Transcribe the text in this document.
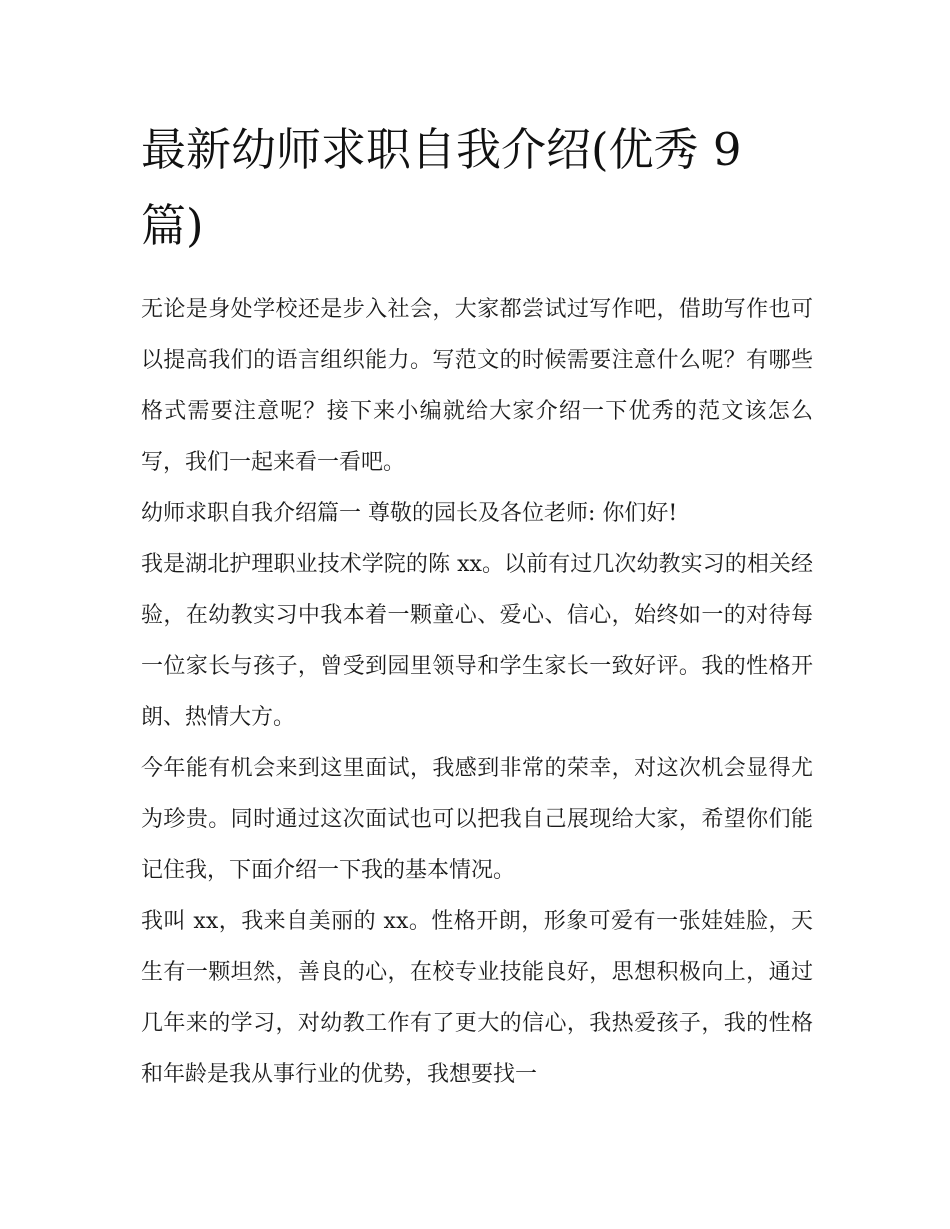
最新幼师求职自我介绍(优秀 9 篇)

无论是身处学校还是步入社会，大家都尝试过写作吧，借助写作也可以提高我们的语言组织能力。写范文的时候需要注意什么呢？有哪些格式需要注意呢？接下来小编就给大家介绍一下优秀的范文该怎么写，我们一起来看一看吧。

幼师求职自我介绍篇一 尊敬的园长及各位老师: 你们好!

我是湖北护理职业技术学院的陈 xx。以前有过几次幼教实习的相关经验，在幼教实习中我本着一颗童心、爱心、信心，始终如一的对待每一位家长与孩子，曾受到园里领导和学生家长一致好评。我的性格开朗、热情大方。

今年能有机会来到这里面试，我感到非常的荣幸，对这次机会显得尤为珍贵。同时通过这次面试也可以把我自己展现给大家，希望你们能记住我，下面介绍一下我的基本情况。

我叫 xx，我来自美丽的 xx。性格开朗，形象可爱有一张娃娃脸，天生有一颗坦然，善良的心，在校专业技能良好，思想积极向上，通过几年来的学习，对幼教工作有了更大的信心，我热爱孩子，我的性格和年龄是我从事行业的优势，我想要找一
